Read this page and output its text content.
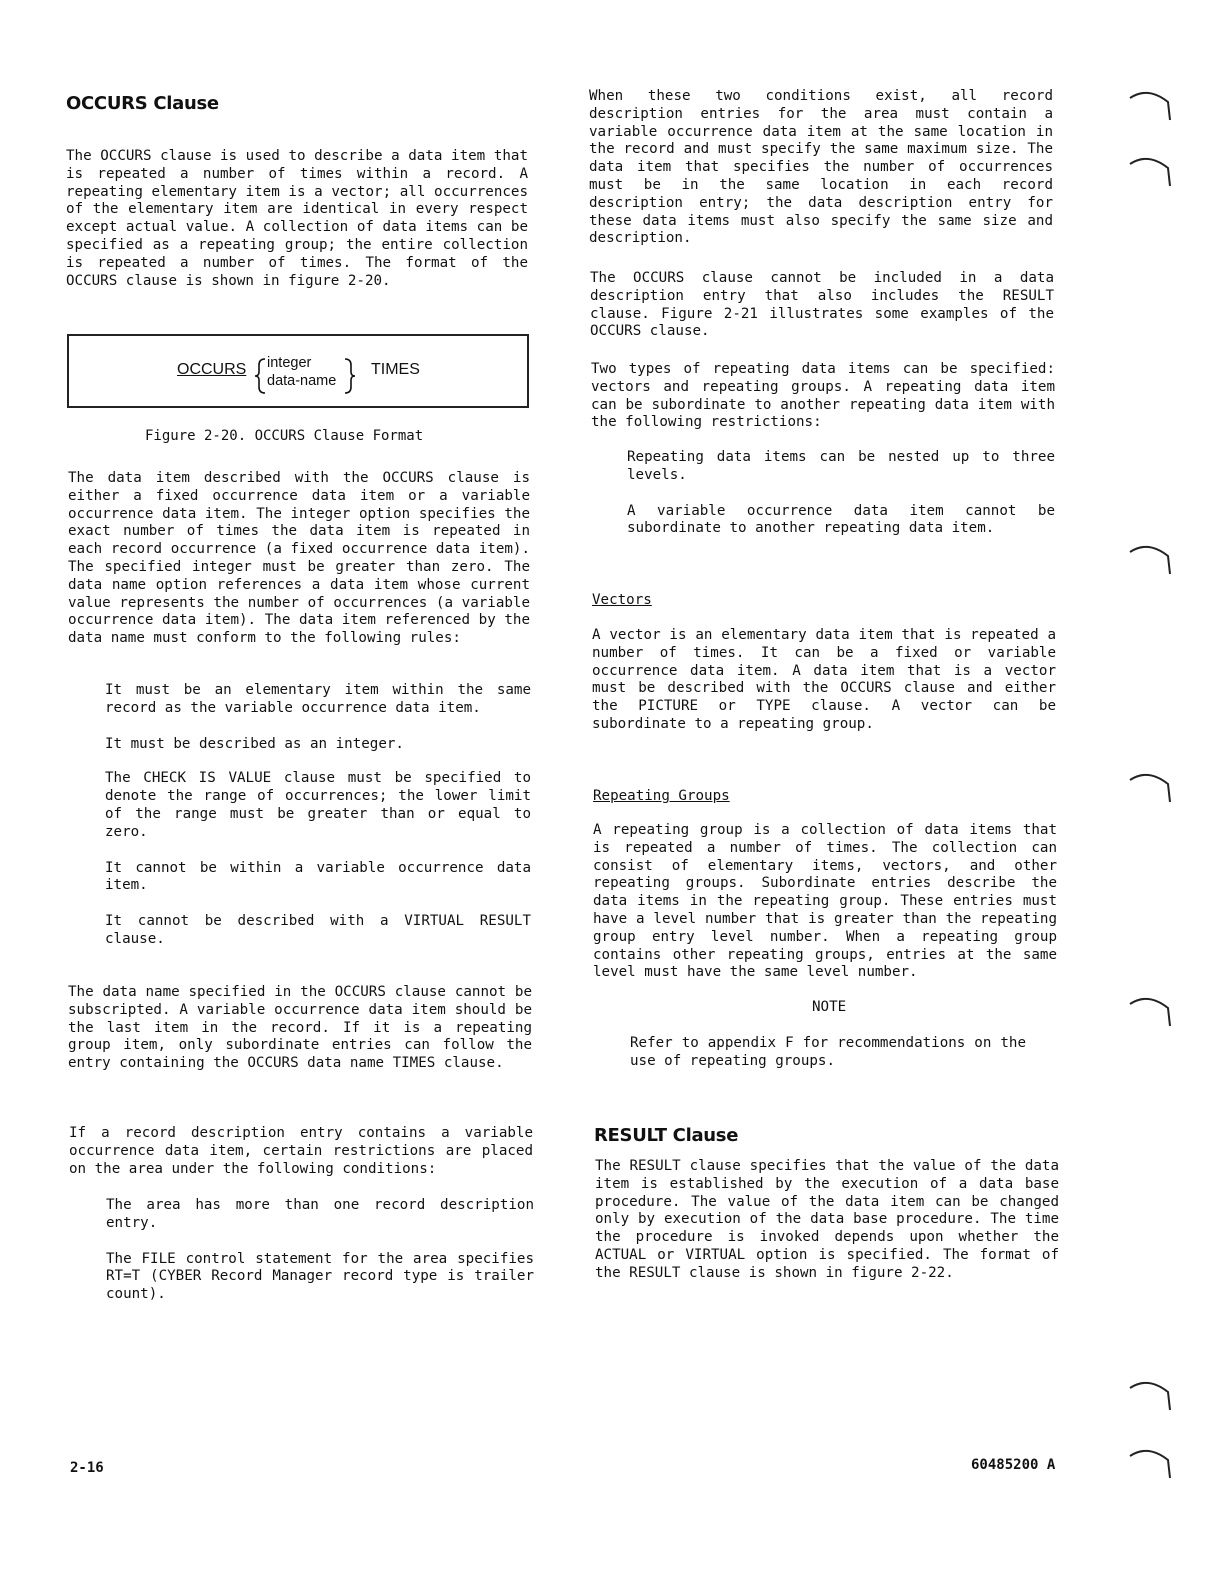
OCCURS Clause

The OCCURS clause is used to describe a data item that is repeated a number of times within a record. A repeating elementary item is a vector; all occurrences of the elementary item are identical in every respect except actual value. A collection of data items can be specified as a repeating group; the entire collection is repeated a number of times. The format of the OCCURS clause is shown in figure 2-20.

OCCURS integer
data-name
TIMES
Figure 2-20. OCCURS Clause Format

The data item described with the OCCURS clause is either a fixed occurrence data item or a variable occurrence data item. The integer option specifies the exact number of times the data item is repeated in each record occurrence (a fixed occurrence data item). The specified integer must be greater than zero. The data name option references a data item whose current value represents the number of occurrences (a variable occurrence data item). The data item referenced by the data name must conform to the following rules:

It must be an elementary item within the same record as the variable occurrence data item.

It must be described as an integer.

The CHECK IS VALUE clause must be specified to denote the range of occurrences; the lower limit of the range must be greater than or equal to zero.

It cannot be within a variable occurrence data item.

It cannot be described with a VIRTUAL RESULT clause.

The data name specified in the OCCURS clause cannot be subscripted. A variable occurrence data item should be the last item in the record. If it is a repeating group item, only subordinate entries can follow the entry containing the OCCURS data name TIMES clause.

If a record description entry contains a variable occurrence data item, certain restrictions are placed on the area under the following conditions:

The area has more than one record description entry.

The FILE control statement for the area specifies RT=T (CYBER Record Manager record type is trailer count).

When these two conditions exist, all record description entries for the area must contain a variable occurrence data item at the same location in the record and must specify the same maximum size. The data item that specifies the number of occurrences must be in the same location in each record description entry; the data description entry for these data items must also specify the same size and description.

The OCCURS clause cannot be included in a data description entry that also includes the RESULT clause. Figure 2-21 illustrates some examples of the OCCURS clause.

Two types of repeating data items can be specified: vectors and repeating groups. A repeating data item can be subordinate to another repeating data item with the following restrictions:

Repeating data items can be nested up to three levels.

A variable occurrence data item cannot be subordinate to another repeating data item.

Vectors

A vector is an elementary data item that is repeated a number of times. It can be a fixed or variable occurrence data item. A data item that is a vector must be described with the OCCURS clause and either the PICTURE or TYPE clause. A vector can be subordinate to a repeating group.

Repeating Groups

A repeating group is a collection of data items that is repeated a number of times. The collection can consist of elementary items, vectors, and other repeating groups. Subordinate entries describe the data items in the repeating group. These entries must have a level number that is greater than the repeating group entry level number. When a repeating group contains other repeating groups, entries at the same level must have the same level number.

NOTE

Refer to appendix F for recommendations on the use of repeating groups.

RESULT Clause

The RESULT clause specifies that the value of the data item is established by the execution of a data base procedure. The value of the data item can be changed only by execution of the data base procedure. The time the procedure is invoked depends upon whether the ACTUAL or VIRTUAL option is specified. The format of the RESULT clause is shown in figure 2-22.

2-16	60485200 A
